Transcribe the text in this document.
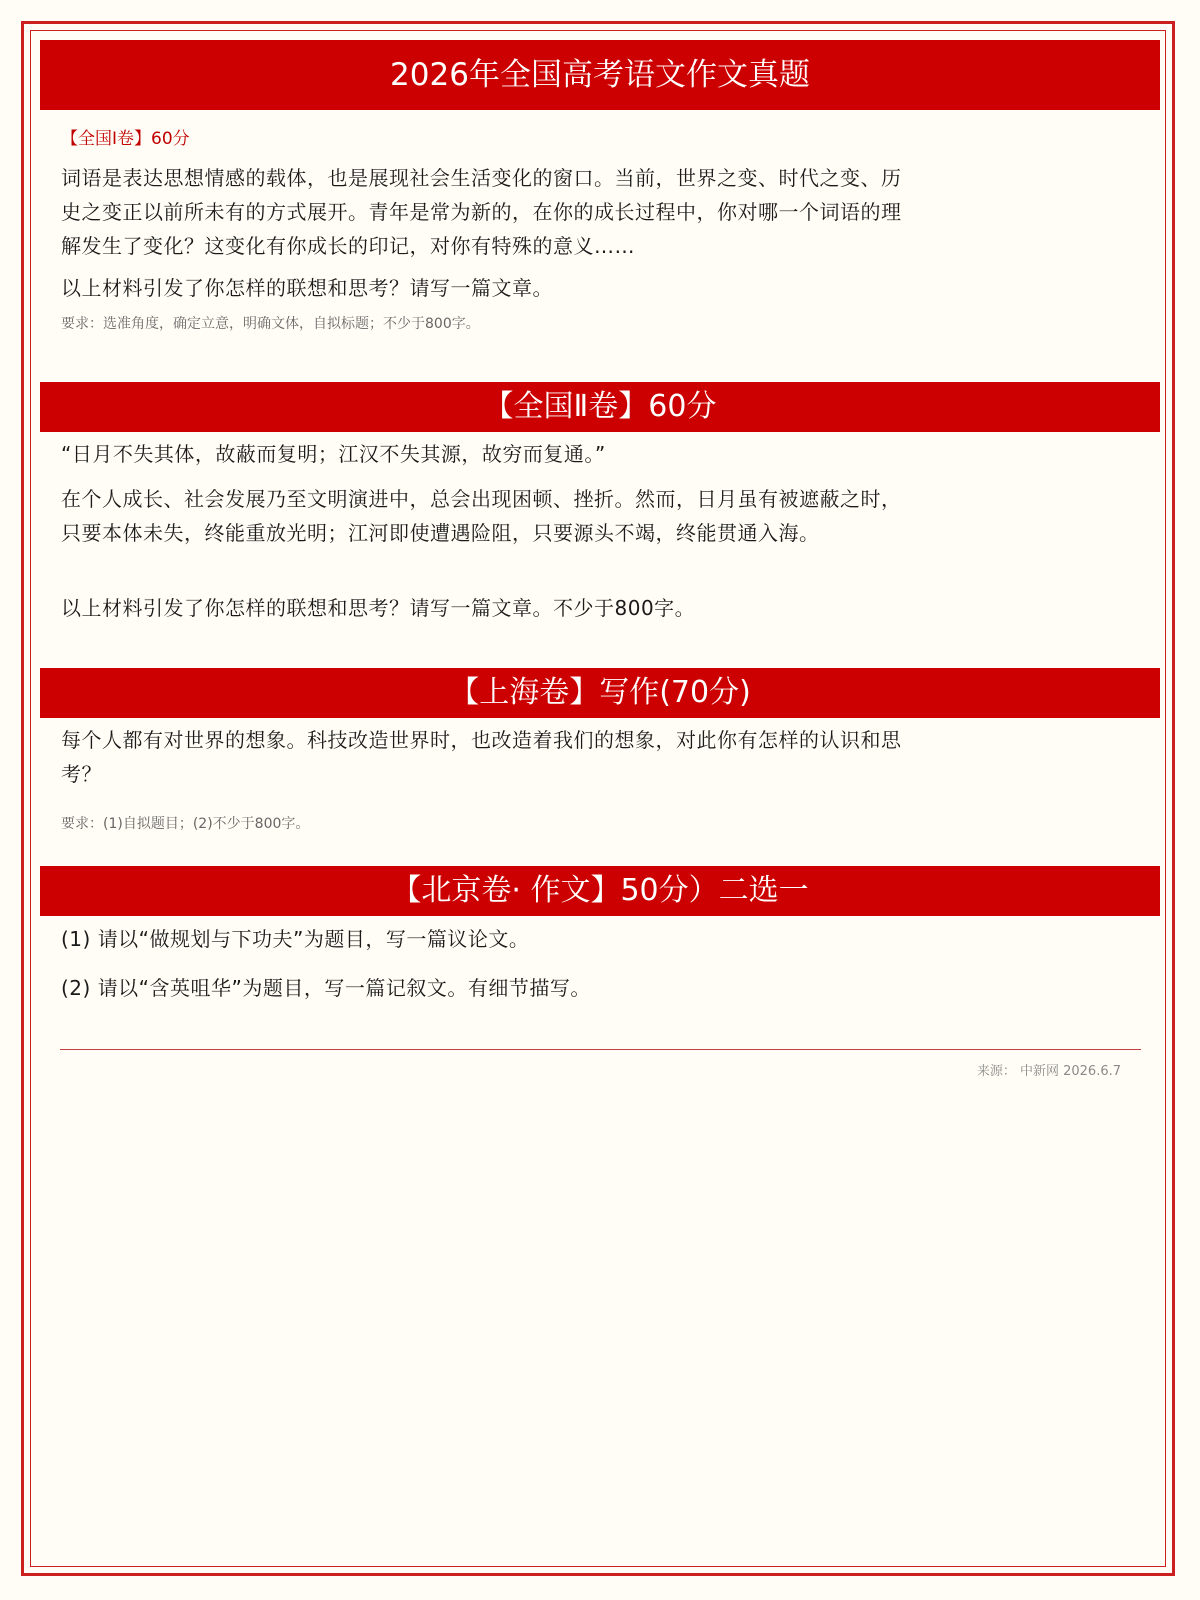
2026年全国高考语文作文真题
【全国Ⅰ卷】60分

词语是表达思想情感的载体，也是展现社会生活变化的窗口。当前，世界之变、时代之变、历史之变正以前所未有的方式展开。青年是常为新的，在你的成长过程中，你对哪一个词语的理解发生了变化？这变化有你成长的印记，对你有特殊的意义……

以上材料引发了你怎样的联想和思考？请写一篇文章。

要求：选准角度，确定立意，明确文体，自拟标题；不少于800字。
【全国Ⅱ卷】60分

“日月不失其体，故蔽而复明；江汉不失其源，故穷而复通。”

在个人成长、社会发展乃至文明演进中，总会出现困顿、挫折。然而，日月虽有被遮蔽之时，只要本体未失，终能重放光明；江河即使遭遇险阻，只要源头不竭，终能贯通入海。

以上材料引发了你怎样的联想和思考？请写一篇文章。不少于800字。

【上海卷】写作(70分)

每个人都有对世界的想象。科技改造世界时，也改造着我们的想象，对此你有怎样的认识和思考？

要求：(1)自拟题目；(2)不少于800字。
【北京卷· 作文】50分）二选一

(1) 请以“做规划与下功夫”为题目，写一篇议论文。

(2) 请以“含英咀华”为题目，写一篇记叙文。有细节描写。

来源： 中新网 2026.6.7
